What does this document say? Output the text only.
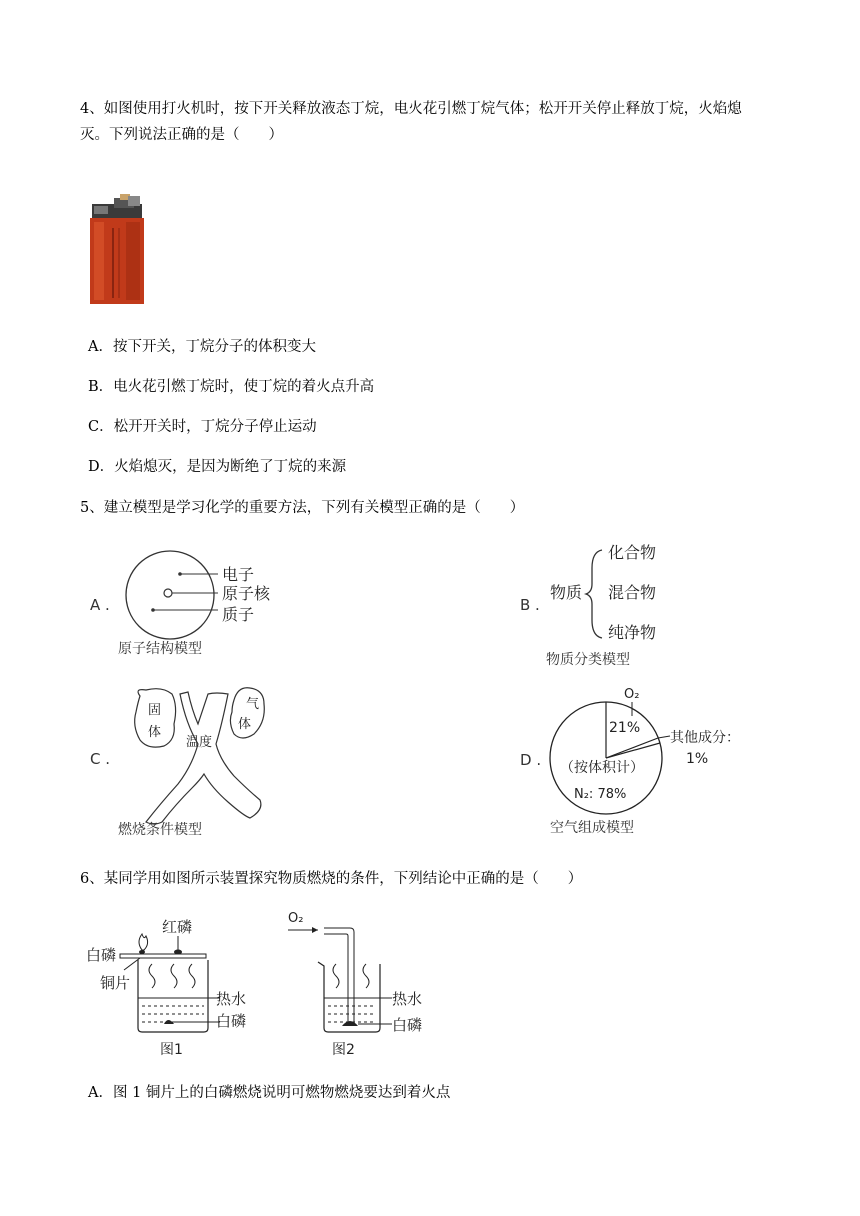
4、如图使用打火机时，按下开关释放液态丁烷，电火花引燃丁烷气体；松开开关停止释放丁烷，火焰熄
灭。下列说法正确的是（　　）
A．按下开关，丁烷分子的体积变大
B．电火花引燃丁烷时，使丁烷的着火点升高
C．松开开关时，丁烷分子停止运动
D．火焰熄灭，是因为断绝了丁烷的来源
5、建立模型是学习化学的重要方法，下列有关模型正确的是（　　）
A .
电子
原子核
质子
原子结构模型
B .
物质
化合物
混合物
纯净物
物质分类模型
C .
固
体
气
体
温度
燃烧条件模型
D .
O₂
21%
其他成分：
1%
（按体积计）
N₂: 78%
空气组成模型
6、某同学用如图所示装置探究物质燃烧的条件，下列结论中正确的是（　　）
红磷
白磷
铜片
热水
白磷
图1
O₂
热水
白磷
图2
A．图 1 铜片上的白磷燃烧说明可燃物燃烧要达到着火点
